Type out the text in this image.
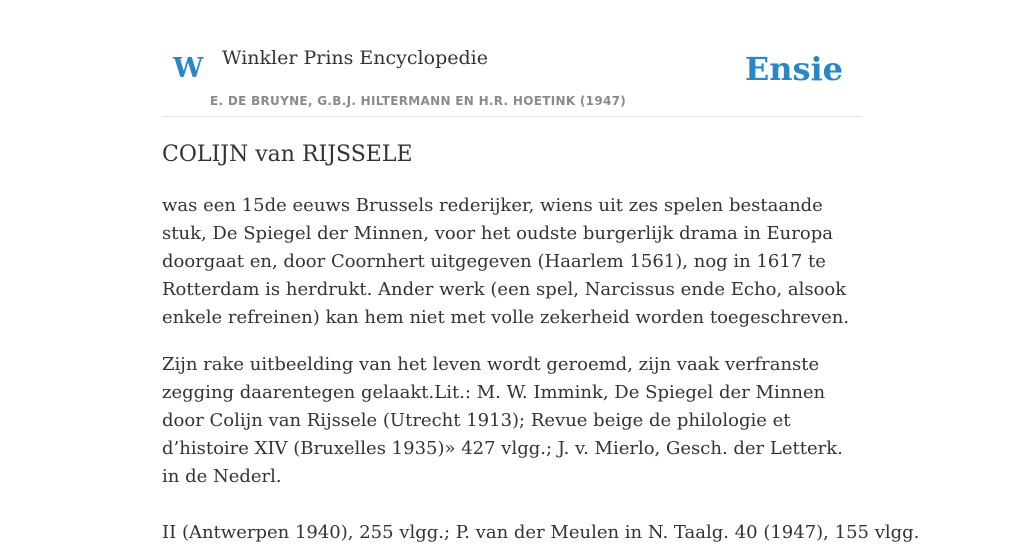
W Winkler Prins Encyclopedie
E. DE BRUYNE, G.B.J. HILTERMANN EN H.R. HOETINK (1947)
Ensie
COLIJN van RIJSSELE

was een 15de eeuws Brussels rederijker, wiens uit zes spelen bestaande stuk, De Spiegel der Minnen, voor het oudste burgerlijk drama in Europa doorgaat en, door Coornhert uitgegeven (Haarlem 1561), nog in 1617 te Rotterdam is herdrukt. Ander werk (een spel, Narcissus ende Echo, alsook enkele refreinen) kan hem niet met volle zekerheid worden toegeschreven.

Zijn rake uitbeelding van het leven wordt geroemd, zijn vaak verfranste zegging daarentegen gelaakt.Lit.: M. W. Immink, De Spiegel der Minnen door Colijn van Rijssele (Utrecht 1913); Revue beige de philologie et d’histoire XIV (Bruxelles 1935)» 427 vlgg.; J. v. Mierlo, Gesch. der Letterk. in de Nederl.

II (Antwerpen 1940), 255 vlgg.; P. van der Meulen in N. Taalg. 40 (1947), 155 vlgg.
